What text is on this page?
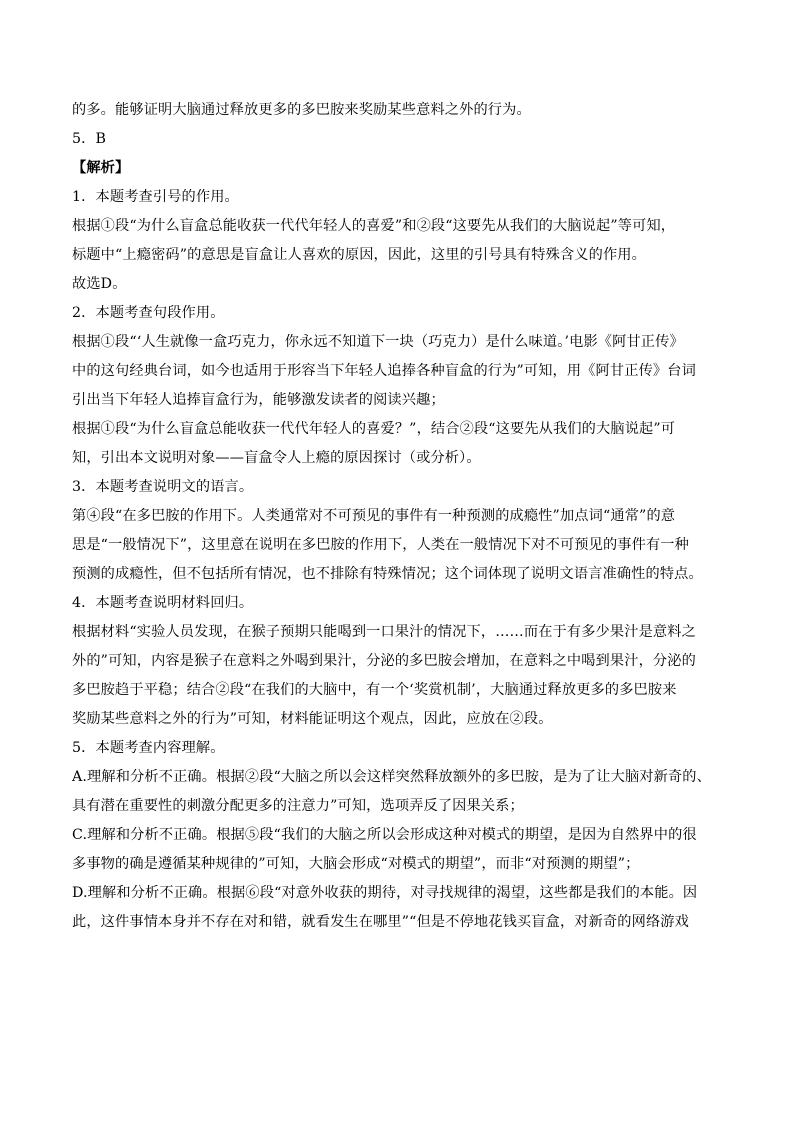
的多。能够证明大脑通过释放更多的多巴胺来奖励某些意料之外的行为。
5．B
【解析】
1．本题考查引号的作用。
根据①段“为什么盲盒总能收获一代代年轻人的喜爱”和②段“这要先从我们的大脑说起”等可知，
标题中“上瘾密码”的意思是盲盒让人喜欢的原因，因此，这里的引号具有特殊含义的作用。
故选D。
2．本题考查句段作用。
根据①段“‘人生就像一盒巧克力，你永远不知道下一块（巧克力）是什么味道。’电影《阿甘正传》
中的这句经典台词，如今也适用于形容当下年轻人追捧各种盲盒的行为”可知，用《阿甘正传》台词
引出当下年轻人追捧盲盒行为，能够激发读者的阅读兴趣；
根据①段“为什么盲盒总能收获一代代年轻人的喜爱？”，结合②段“这要先从我们的大脑说起”可
知，引出本文说明对象——盲盒令人上瘾的原因探讨（或分析）。
3．本题考查说明文的语言。
第④段“在多巴胺的作用下。人类通常对不可预见的事件有一种预测的成瘾性”加点词“通常”的意
思是“一般情况下”，这里意在说明在多巴胺的作用下，人类在一般情况下对不可预见的事件有一种
预测的成瘾性，但不包括所有情况，也不排除有特殊情况；这个词体现了说明文语言准确性的特点。
4．本题考查说明材料回归。
根据材料“实验人员发现，在猴子预期只能喝到一口果汁的情况下，……而在于有多少果汁是意料之
外的”可知，内容是猴子在意料之外喝到果汁，分泌的多巴胺会增加，在意料之中喝到果汁，分泌的
多巴胺趋于平稳；结合②段“在我们的大脑中，有一个‘奖赏机制’，大脑通过释放更多的多巴胺来
奖励某些意料之外的行为”可知，材料能证明这个观点，因此，应放在②段。
5．本题考查内容理解。
A.理解和分析不正确。根据②段“大脑之所以会这样突然释放额外的多巴胺，是为了让大脑对新奇的、
具有潜在重要性的刺激分配更多的注意力”可知，选项弄反了因果关系；
C.理解和分析不正确。根据⑤段“我们的大脑之所以会形成这种对模式的期望，是因为自然界中的很
多事物的确是遵循某种规律的”可知，大脑会形成“对模式的期望”，而非“对预测的期望”；
D.理解和分析不正确。根据⑥段“对意外收获的期待，对寻找规律的渴望，这些都是我们的本能。因
此，这件事情本身并不存在对和错，就看发生在哪里”“但是不停地花钱买盲盒，对新奇的网络游戏
